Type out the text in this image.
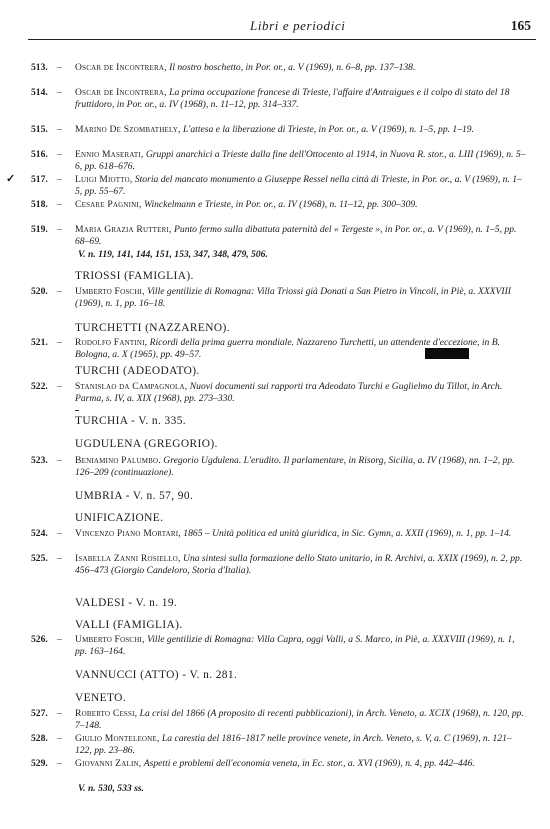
Libri e periodici	165
513. – Oscar de Incontrera, Il nostro boschetto, in Por. or., a. V (1969), n. 6–8, pp. 137–138.
514. – Oscar de Incontrera, La prima occupazione francese di Trieste, l'affaire d'Antraigues e il colpo di stato del 18 fruttidoro, in Por. or., a. IV (1968), n. 11–12, pp. 314–337.
515. – Marino De Szombathely, L'attesa e la liberazione di Trieste, in Por. or., a. V (1969), n. 1–5, pp. 1–19.
516. – Ennio Maserati, Gruppi anarchici a Trieste dalla fine dell'Ottocento al 1914, in Nuova R. stor., a. LIII (1969), n. 5–6, pp. 618–676.
✓ 517. – Luigi Miotto, Storia del mancato monumento a Giuseppe Ressel nella città di Trieste, in Por. or., a. V (1969), n. 1–5, pp. 55–67.
518. – Cesare Pagnini, Winckelmann e Trieste, in Por. or., a. IV (1968), n. 11–12, pp. 300–309.
519. – Maria Grazia Rutteri, Punto fermo sulla dibattuta paternità del « Tergeste », in Por. or., a. V (1969), n. 1–5, pp. 68–69.
V. n. 119, 141, 144, 151, 153, 347, 348, 479, 506.
TRIOSSI (FAMIGLIA).
520. – Umberto Foschi, Ville gentilizie di Romagna: Villa Triossi già Donati a San Pietro in Vincoli, in Piè, a. XXXVIII (1969), n. 1, pp. 16–18.
TURCHETTI (NAZZARENO).
521. – Rodolfo Fantini, Ricordi della prima guerra mondiale. Nazzareno Turchetti, un attendente d'eccezione, in B. Bologna, a. X (1965), pp. 49–57.
TURCHI (ADEODATO).
522. – Stanislao da Campagnola, Nuovi documenti sui rapporti tra Adeodato Turchi e Guglielmo du Tillot, in Arch. Parma, s. IV, a. XIX (1968), pp. 273–330.
TURCHIA - V. n. 335.
UGDULENA (GREGORIO).
523. – Beniamino Palumbo. Gregorio Ugdulena. L'erudito. Il parlamentare, in Risorg, Sicilia, a. IV (1968), nn. 1–2, pp. 126–209 (continuazione).
UMBRIA - V. n. 57, 90.
UNIFICAZIONE.
524. – Vincenzo Piano Mortari, 1865 – Unità politica ed unità giuridica, in Sic. Gymn, a. XXII (1969), n. 1, pp. 1–14.
525. – Isabella Zanni Rosiello, Una sintesi sulla formazione dello Stato unitario, in R. Archivi, a. XXIX (1969), n. 2, pp. 456–473 (Giorgio Candeloro, Storia d'Italia).
VALDESI - V. n. 19.
VALLI (FAMIGLIA).
526. – Umberto Foschi, Ville gentilizie di Romagna: Villa Capra, oggi Valli, a S. Marco, in Piè, a. XXXVIII (1969), n. 1, pp. 163–164.
VANNUCCI (ATTO) - V. n. 281.
VENETO.
527. – Roberto Cessi, La crisi del 1866 (A proposito di recenti pubblicazioni), in Arch. Veneto, a. XCIX (1968), n. 120, pp. 7–148.
528. – Giulio Monteleone, La carestia del 1816–1817 nelle province venete, in Arch. Veneto, s. V, a. C (1969), n. 121–122, pp. 23–86.
529. – Giovanni Zalin, Aspetti e problemi dell'economia veneta, in Ec. stor., a. XVI (1969), n. 4, pp. 442–446.
V. n. 530, 533 ss.
